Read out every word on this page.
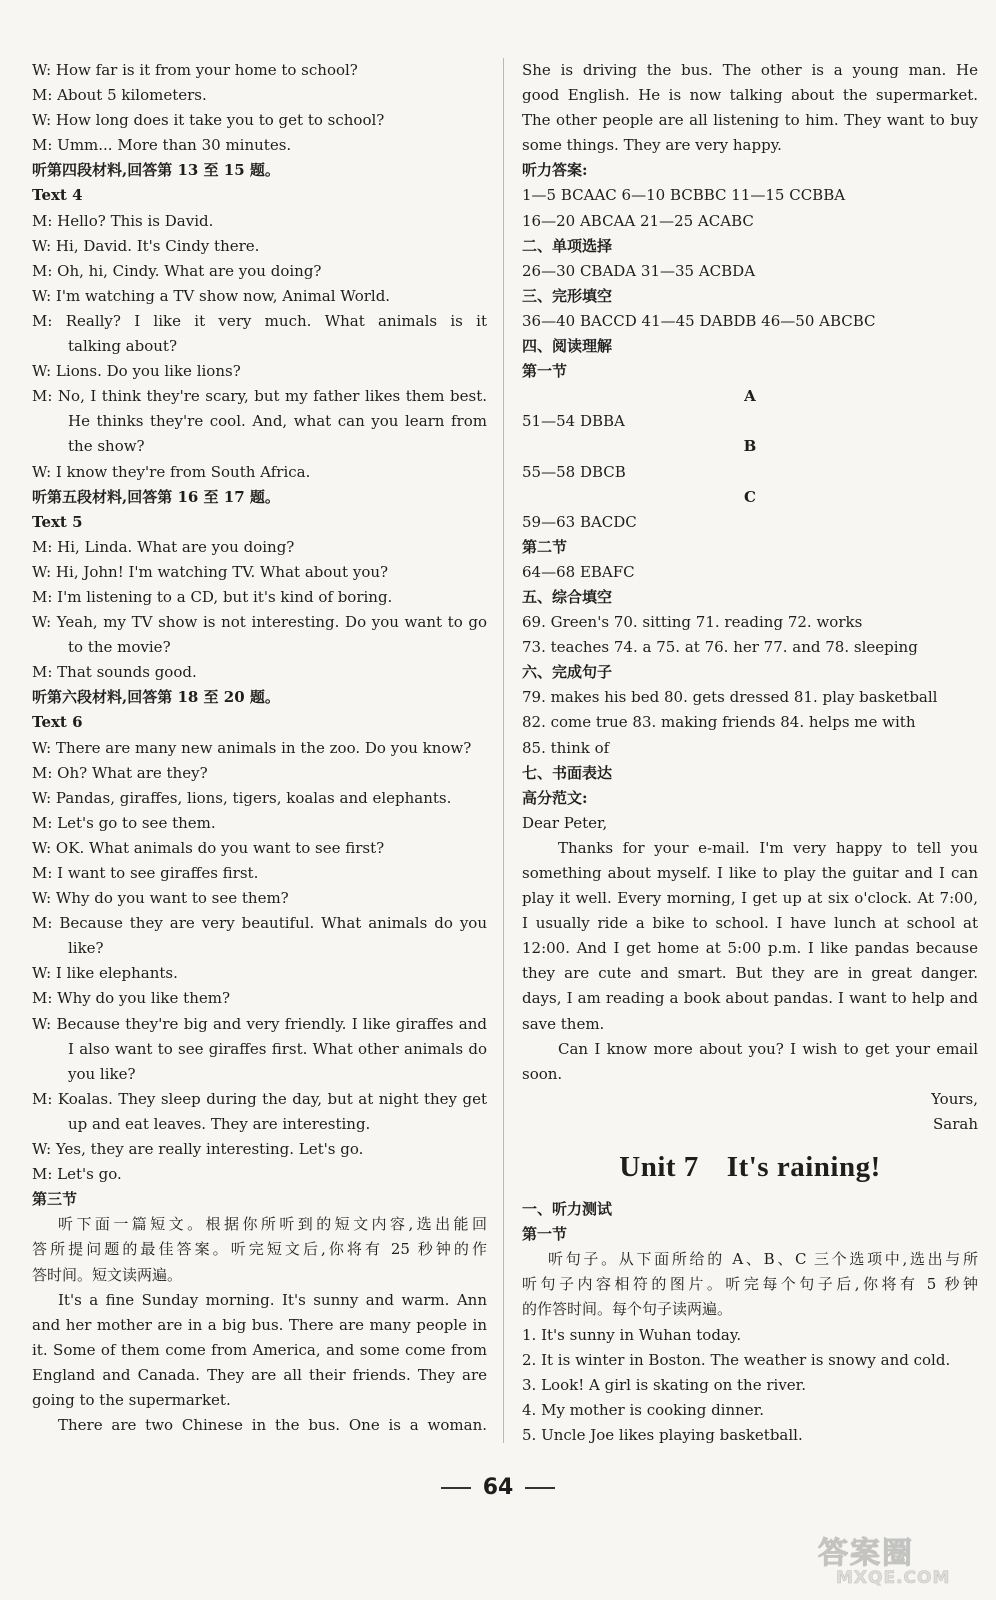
W: How far is it from your home to school?
M: About 5 kilometers.
W: How long does it take you to get to school?
M: Umm... More than 30 minutes.
听第四段材料,回答第 13 至 15 题。
Text 4
M: Hello? This is David.
W: Hi, David. It's Cindy there.
M: Oh, hi, Cindy. What are you doing?
W: I'm watching a TV show now, Animal World.
M: Really? I like it very much. What animals is it
talking about?
W: Lions. Do you like lions?
M: No, I think they're scary, but my father likes them best.
He thinks they're cool. And, what can you learn from
the show?
W: I know they're from South Africa.
听第五段材料,回答第 16 至 17 题。
Text 5
M: Hi, Linda. What are you doing?
W: Hi, John! I'm watching TV. What about you?
M: I'm listening to a CD, but it's kind of boring.
W: Yeah, my TV show is not interesting. Do you want to go
to the movie?
M: That sounds good.
听第六段材料,回答第 18 至 20 题。
Text 6
W: There are many new animals in the zoo. Do you know?
M: Oh? What are they?
W: Pandas, giraffes, lions, tigers, koalas and elephants.
M: Let's go to see them.
W: OK. What animals do you want to see first?
M: I want to see giraffes first.
W: Why do you want to see them?
M: Because they are very beautiful. What animals do you
like?
W: I like elephants.
M: Why do you like them?
W: Because they're big and very friendly. I like giraffes and
I also want to see giraffes first. What other animals do
you like?
M: Koalas. They sleep during the day, but at night they get
up and eat leaves. They are interesting.
W: Yes, they are really interesting. Let's go.
M: Let's go.
第三节
听下面一篇短文。根据你所听到的短文内容,选出能回
答所提问题的最佳答案。听完短文后,你将有 25 秒钟的作
答时间。短文读两遍。
It's a fine Sunday morning. It's sunny and warm. Ann
and her mother are in a big bus. There are many people in
it. Some of them come from America, and some come from
England and Canada. They are all their friends. They are
going to the supermarket.
There are two Chinese in the bus. One is a woman.
She is driving the bus. The other is a young man. He
good English. He is now talking about the supermarket.
The other people are all listening to him. They want to buy
some things. They are very happy.
听力答案:
1—5 BCAAC 6—10 BCBBC 11—15 CCBBA
16—20 ABCAA 21—25 ACABC
二、单项选择
26—30 CBADA 31—35 ACBDA
三、完形填空
36—40 BACCD 41—45 DABDB 46—50 ABCBC
四、阅读理解
第一节
A
51—54 DBBA
B
55—58 DBCB
C
59—63 BACDC
第二节
64—68 EBAFC
五、综合填空
69. Green's 70. sitting 71. reading 72. works
73. teaches 74. a 75. at 76. her 77. and 78. sleeping
六、完成句子
79. makes his bed 80. gets dressed 81. play basketball
82. come true 83. making friends 84. helps me with
85. think of
七、书面表达
高分范文:
Dear Peter,
Thanks for your e-mail. I'm very happy to tell you
something about myself. I like to play the guitar and I can
play it well. Every morning, I get up at six o'clock. At 7:00,
I usually ride a bike to school. I have lunch at school at
12:00. And I get home at 5:00 p.m. I like pandas because
they are cute and smart. But they are in great danger.
days, I am reading a book about pandas. I want to help and
save them.
Can I know more about you? I wish to get your email
soon.
Yours,
Sarah
Unit 7 It's raining!
一、听力测试
第一节
听句子。从下面所给的 A、B、C 三个选项中,选出与所
听句子内容相符的图片。听完每个句子后,你将有 5 秒钟
的作答时间。每个句子读两遍。
1. It's sunny in Wuhan today.
2. It is winter in Boston. The weather is snowy and cold.
3. Look! A girl is skating on the river.
4. My mother is cooking dinner.
5. Uncle Joe likes playing basketball.
64
答案圈
MXQE.COM
